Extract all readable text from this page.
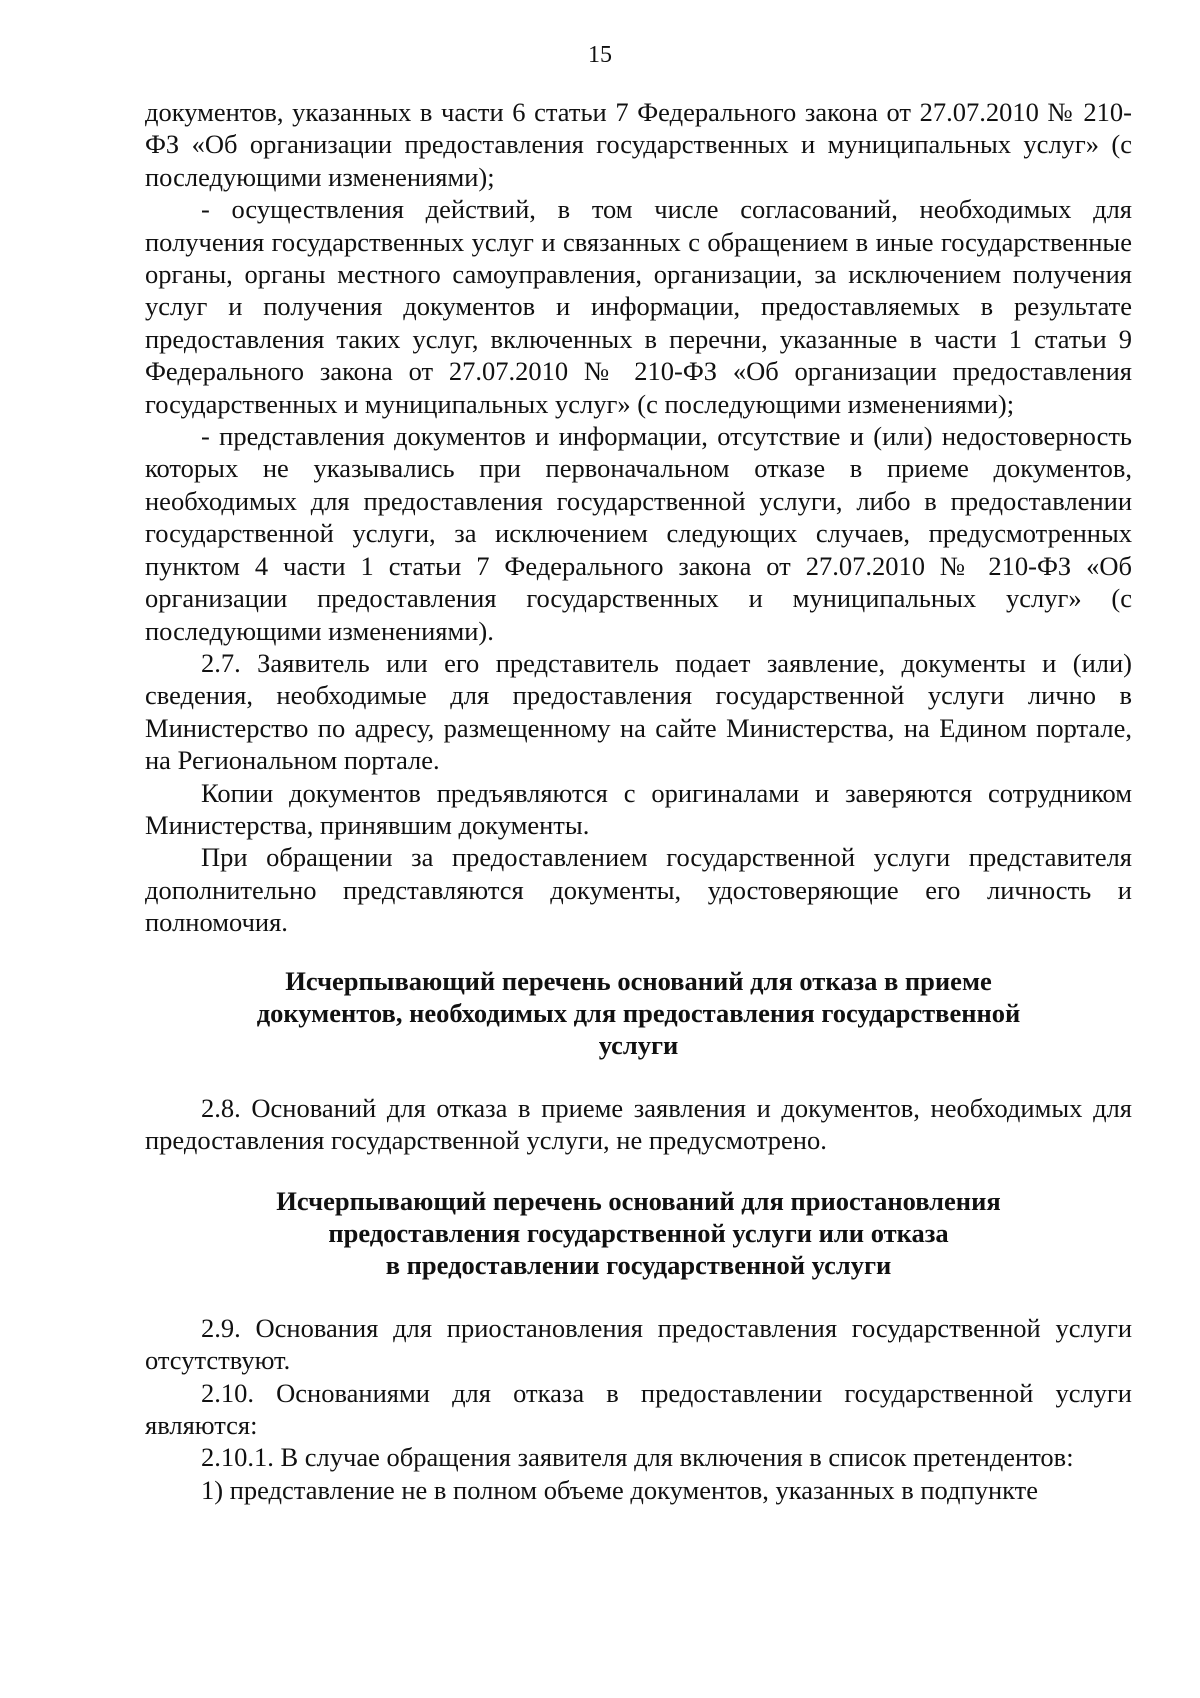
15

документов, указанных в части 6 статьи 7 Федерального закона от 27.07.2010 № 210-ФЗ «Об организации предоставления государственных и муниципальных услуг» (с последующими изменениями);

- осуществления действий, в том числе согласований, необходимых для получения государственных услуг и связанных с обращением в иные государственные органы, органы местного самоуправления, организации, за исключением получения услуг и получения документов и информации, предоставляемых в результате предоставления таких услуг, включенных в перечни, указанные в части 1 статьи 9 Федерального закона от 27.07.2010 № 210-ФЗ «Об организации предоставления государственных и муниципальных услуг» (с последующими изменениями);

- представления документов и информации, отсутствие и (или) недостоверность которых не указывались при первоначальном отказе в приеме документов, необходимых для предоставления государственной услуги, либо в предоставлении государственной услуги, за исключением следующих случаев, предусмотренных пунктом 4 части 1 статьи 7 Федерального закона от 27.07.2010 № 210-ФЗ «Об организации предоставления государственных и муниципальных услуг» (с последующими изменениями).

2.7. Заявитель или его представитель подает заявление, документы и (или) сведения, необходимые для предоставления государственной услуги лично в Министерство по адресу, размещенному на сайте Министерства, на Едином портале, на Региональном портале.

Копии документов предъявляются с оригиналами и заверяются сотрудником Министерства, принявшим документы.

При обращении за предоставлением государственной услуги представителя дополнительно представляются документы, удостоверяющие его личность и полномочия.

Исчерпывающий перечень оснований для отказа в приеме
документов, необходимых для предоставления государственной
услуги

2.8. Оснований для отказа в приеме заявления и документов, необходимых для предоставления государственной услуги, не предусмотрено.

Исчерпывающий перечень оснований для приостановления
предоставления государственной услуги или отказа
в предоставлении государственной услуги

2.9. Основания для приостановления предоставления государственной услуги отсутствуют.

2.10. Основаниями для отказа в предоставлении государственной услуги являются:

2.10.1. В случае обращения заявителя для включения в список претендентов:

1) представление не в полном объеме документов, указанных в подпункте
